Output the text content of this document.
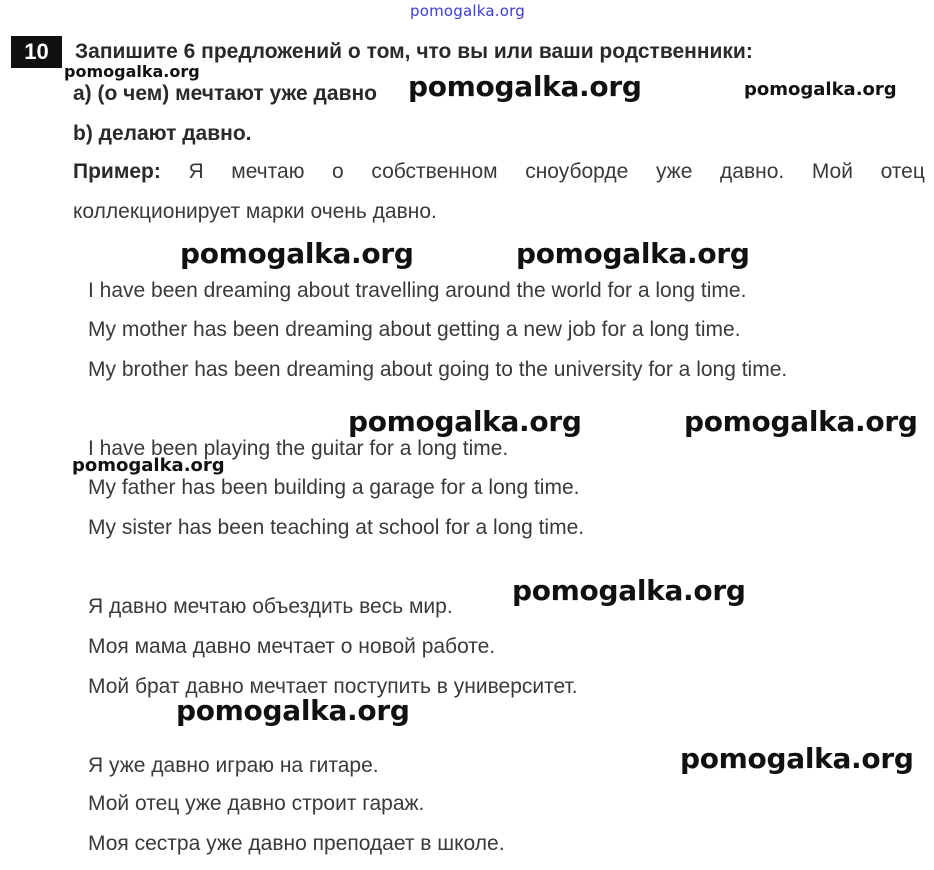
pomogalka.org
10	Запишите 6 предложений о том, что вы или ваши родственники:
а) (о чем) мечтают уже давно
b) делают давно.
Пример: Я мечтаю о собственном сноуборде уже давно. Мой отец
коллекционирует марки очень давно.
I have been dreaming about travelling around the world for a long time.
My mother has been dreaming about getting a new job for a long time.
My brother has been dreaming about going to the university for a long time.
I have been playing the guitar for a long time.
My father has been building a garage for a long time.
My sister has been teaching at school for a long time.
Я давно мечтаю объездить весь мир.
Моя мама давно мечтает о новой работе.
Мой брат давно мечтает поступить в университет.
Я уже давно играю на гитаре.
Мой отец уже давно строит гараж.
Моя сестра уже давно преподает в школе.
pomogalka.org	pomogalka.org	pomogalka.org
pomogalka.org	pomogalka.org
pomogalka.org	pomogalka.org
pomogalka.org
pomogalka.org
pomogalka.org
pomogalka.org
